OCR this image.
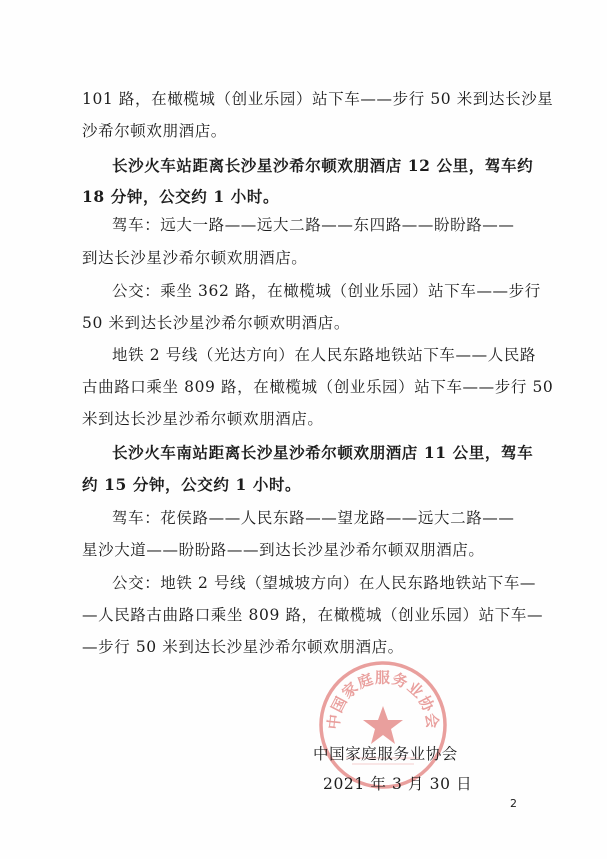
101 路，在橄榄城（创业乐园）站下车——步行 50 米到达长沙星
沙希尔顿欢朋酒店。
长沙火车站距离长沙星沙希尔顿欢朋酒店 12 公里，驾车约
18 分钟，公交约 1 小时。
驾车：远大一路——远大二路——东四路——盼盼路——
到达长沙星沙希尔顿欢朋酒店。
公交：乘坐 362 路，在橄榄城（创业乐园）站下车——步行
50 米到达长沙星沙希尔顿欢明酒店。
地铁 2 号线（光达方向）在人民东路地铁站下车——人民路
古曲路口乘坐 809 路，在橄榄城（创业乐园）站下车——步行 50
米到达长沙星沙希尔顿欢朋酒店。
长沙火车南站距离长沙星沙希尔顿欢朋酒店 11 公里，驾车
约 15 分钟，公交约 1 小时。
驾车：花侯路——人民东路——望龙路——远大二路——
星沙大道——盼盼路——到达长沙星沙希尔顿双朋酒店。
公交：地铁 2 号线（望城坡方向）在人民东路地铁站下车—
—人民路古曲路口乘坐 809 路，在橄榄城（创业乐园）站下车—
—步行 50 米到达长沙星沙希尔顿欢朋酒店。
中国家庭服务业协会
中国家庭服务业协会
2021 年 3 月 30 日
2
